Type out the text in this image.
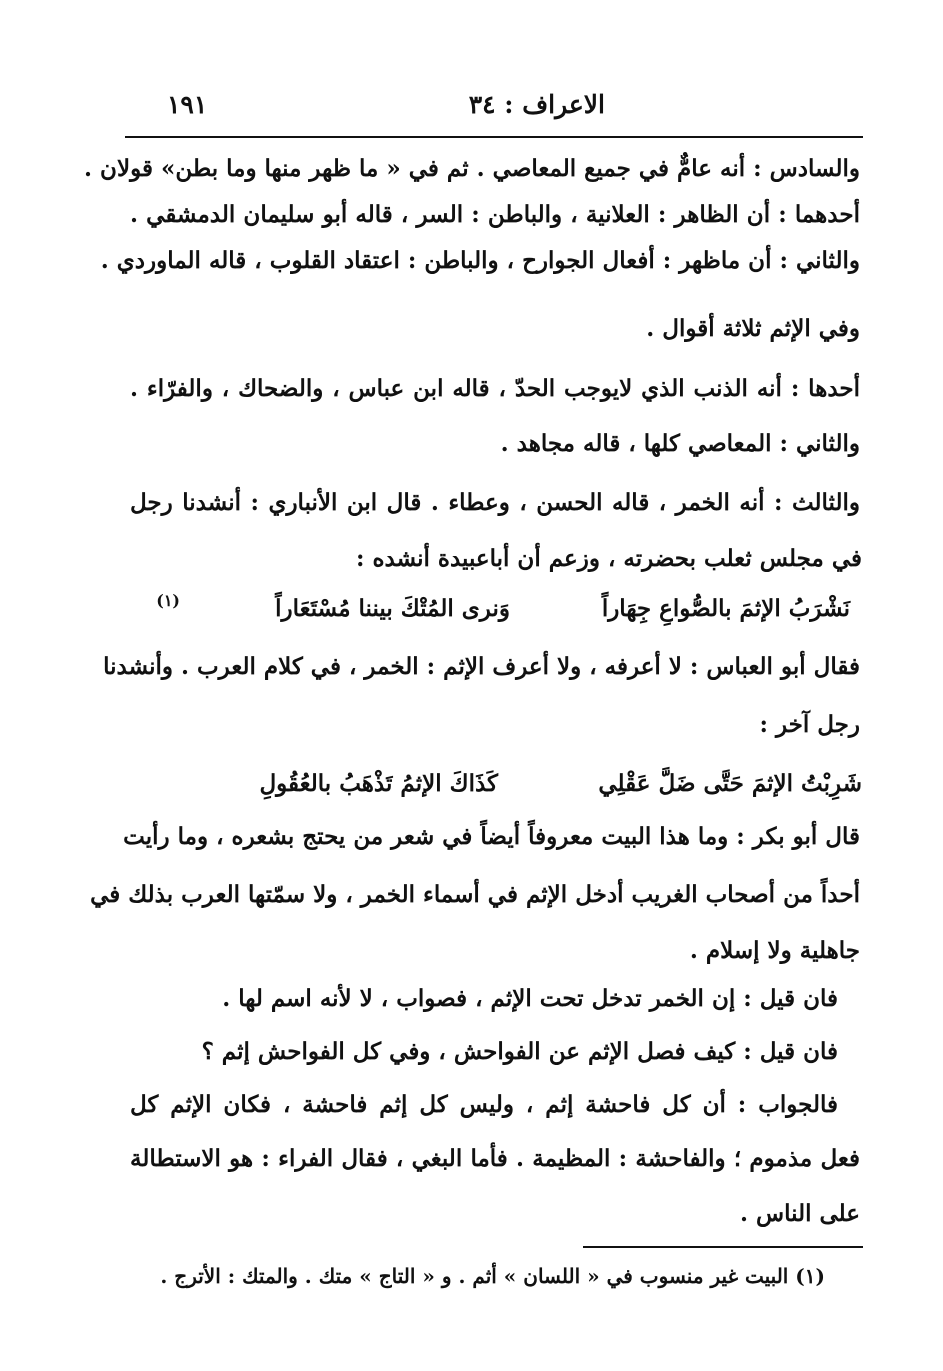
الاعراف : ٣٤
١٩١
والسادس : أنه عامٌّ في جميع المعاصي . ثم في « ما ظهر منها وما بطن» قولان .
أحدهما : أن الظاهر : العلانية ، والباطن : السر ، قاله أبو سليمان الدمشقي .
والثاني : أن ماظهر : أفعال الجوارح ، والباطن : اعتقاد القلوب ، قاله الماوردي .
وفي الإثم ثلاثة أقوال .
أحدها : أنه الذنب الذي لايوجب الحدّ ، قاله ابن عباس ، والضحاك ، والفرّاء .
والثاني : المعاصي كلها ، قاله مجاهد .
والثالث : أنه الخمر ، قاله الحسن ، وعطاء . قال ابن الأنباري : أنشدنا رجل
في مجلس ثعلب بحضرته ، وزعم أن أباعبيدة أنشده :
نَشْرَبُ الإثمَ بالصُّواعِ جِهَاراً
وَنرى المُتْكَ بيننا مُسْتَعَاراً
(١)
فقال أبو العباس : لا أعرفه ، ولا أعرف الإثم : الخمر ، في كلام العرب . وأنشدنا
رجل آخر :
شَرِبْتُ الإثمَ حَتَّى ضَلَّ عَقْلِي
كَذَاكَ الإثمُ تَذْهَبُ بالعُقُولِ
قال أبو بكر : وما هذا البيت معروفاً أيضاً في شعر من يحتج بشعره ، وما رأيت
أحداً من أصحاب الغريب أدخل الإثم في أسماء الخمر ، ولا سمّتها العرب بذلك في
جاهلية ولا إسلام .
فان قيل : إن الخمر تدخل تحت الإثم ، فصواب ، لا لأنه اسم لها .
فان قيل : كيف فصل الإثم عن الفواحش ، وفي كل الفواحش إثم ؟
فالجواب : أن كل فاحشة إثم ، وليس كل إثم فاحشة ، فكان الإثم كل
فعل مذموم ؛ والفاحشة : المظيمة . فأما البغي ، فقال الفراء : هو الاستطالة
على الناس .
(١) البيت غير منسوب في « اللسان » أثم . و « التاج » متك . والمتك : الأترج .
